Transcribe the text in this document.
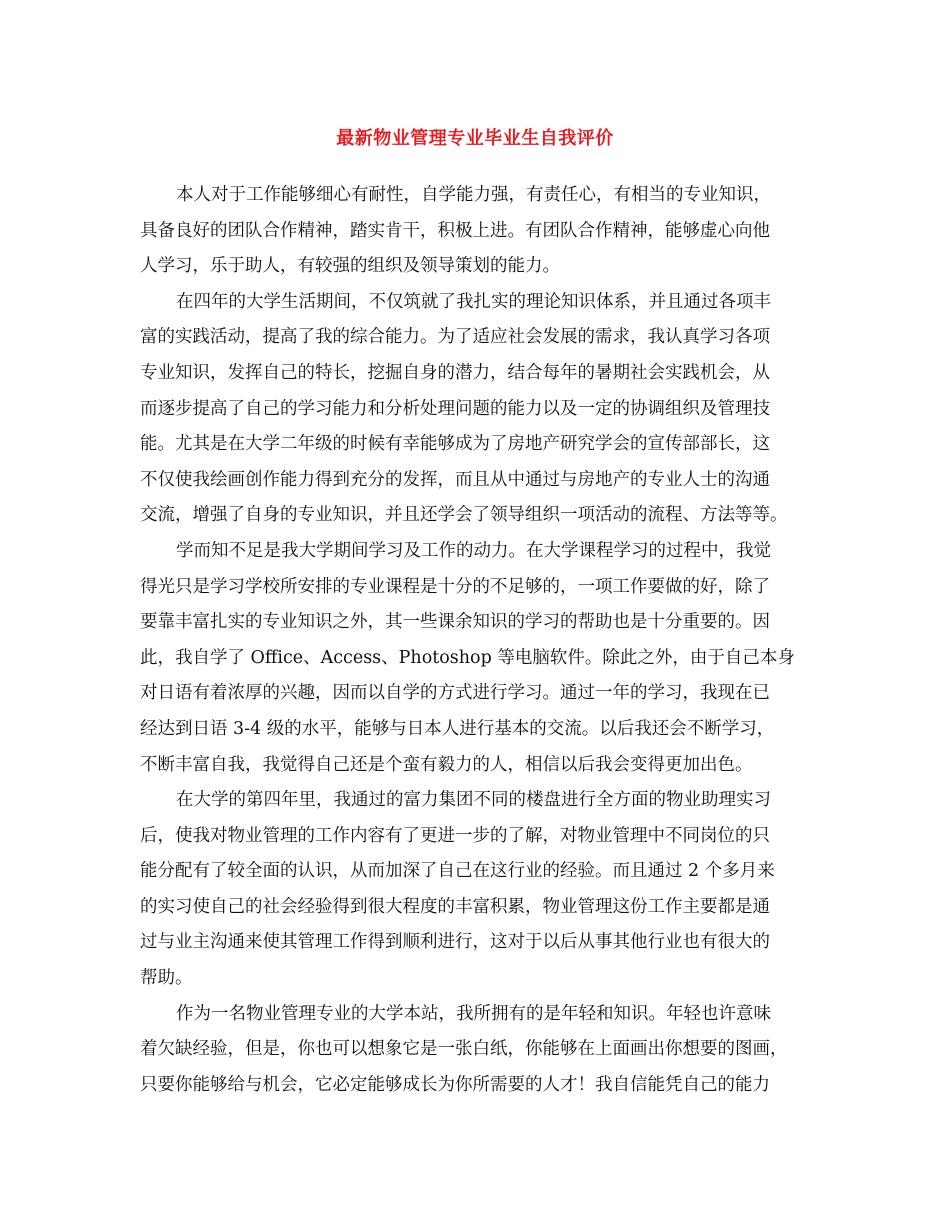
最新物业管理专业毕业生自我评价
本人对于工作能够细心有耐性，自学能力强，有责任心，有相当的专业知识，
具备良好的团队合作精神，踏实肯干，积极上进。有团队合作精神，能够虚心向他
人学习，乐于助人，有较强的组织及领导策划的能力。
在四年的大学生活期间，不仅筑就了我扎实的理论知识体系，并且通过各项丰
富的实践活动，提高了我的综合能力。为了适应社会发展的需求，我认真学习各项
专业知识，发挥自己的特长，挖掘自身的潜力，结合每年的暑期社会实践机会，从
而逐步提高了自己的学习能力和分析处理问题的能力以及一定的协调组织及管理技
能。尤其是在大学二年级的时候有幸能够成为了房地产研究学会的宣传部部长，这
不仅使我绘画创作能力得到充分的发挥，而且从中通过与房地产的专业人士的沟通
交流，增强了自身的专业知识，并且还学会了领导组织一项活动的流程、方法等等。
学而知不足是我大学期间学习及工作的动力。在大学课程学习的过程中，我觉
得光只是学习学校所安排的专业课程是十分的不足够的，一项工作要做的好，除了
要靠丰富扎实的专业知识之外，其一些课余知识的学习的帮助也是十分重要的。因
此，我自学了 Office、Access、Photoshop 等电脑软件。除此之外，由于自己本身
对日语有着浓厚的兴趣，因而以自学的方式进行学习。通过一年的学习，我现在已
经达到日语 3-4 级的水平，能够与日本人进行基本的交流。以后我还会不断学习，
不断丰富自我，我觉得自己还是个蛮有毅力的人，相信以后我会变得更加出色。
在大学的第四年里，我通过的富力集团不同的楼盘进行全方面的物业助理实习
后，使我对物业管理的工作内容有了更进一步的了解，对物业管理中不同岗位的只
能分配有了较全面的认识，从而加深了自己在这行业的经验。而且通过 2 个多月来
的实习使自己的社会经验得到很大程度的丰富积累，物业管理这份工作主要都是通
过与业主沟通来使其管理工作得到顺利进行，这对于以后从事其他行业也有很大的
帮助。
作为一名物业管理专业的大学本站，我所拥有的是年轻和知识。年轻也许意味
着欠缺经验，但是，你也可以想象它是一张白纸，你能够在上面画出你想要的图画，
只要你能够给与机会，它必定能够成长为你所需要的人才！我自信能凭自己的能力
